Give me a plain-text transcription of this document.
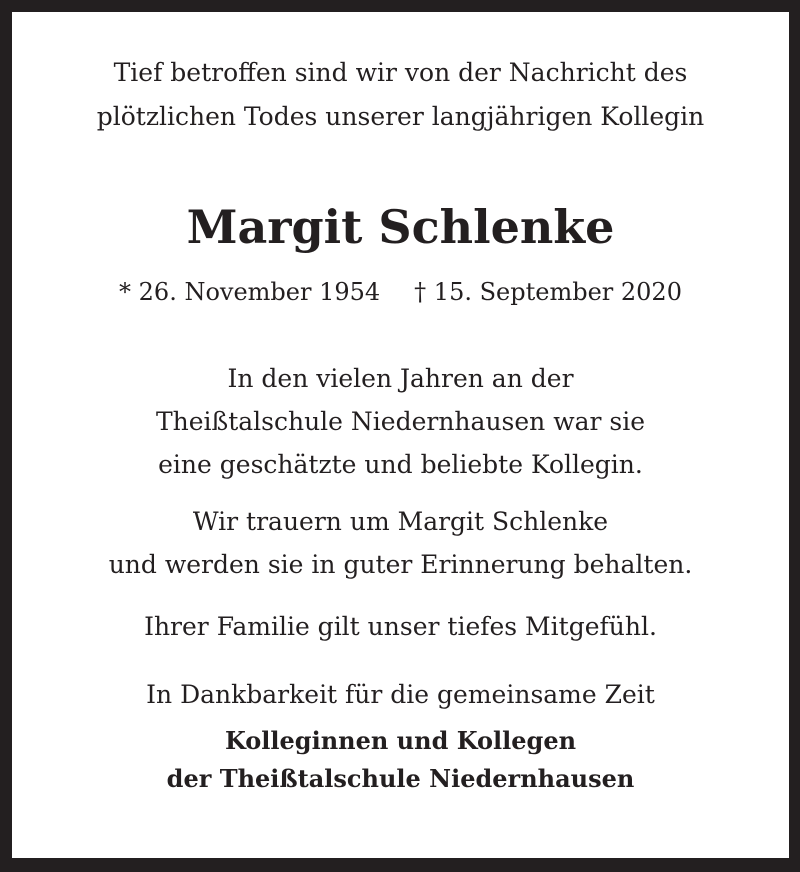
Tief betroffen sind wir von der Nachricht des
plötzlichen Todes unserer langjährigen Kollegin
Margit Schlenke
* 26. November 1954 † 15. September 2020
In den vielen Jahren an der
Theißtalschule Niedernhausen war sie
eine geschätzte und beliebte Kollegin.
Wir trauern um Margit Schlenke
und werden sie in guter Erinnerung behalten.
Ihrer Familie gilt unser tiefes Mitgefühl.
In Dankbarkeit für die gemeinsame Zeit
Kolleginnen und Kollegen
der Theißtalschule Niedernhausen
